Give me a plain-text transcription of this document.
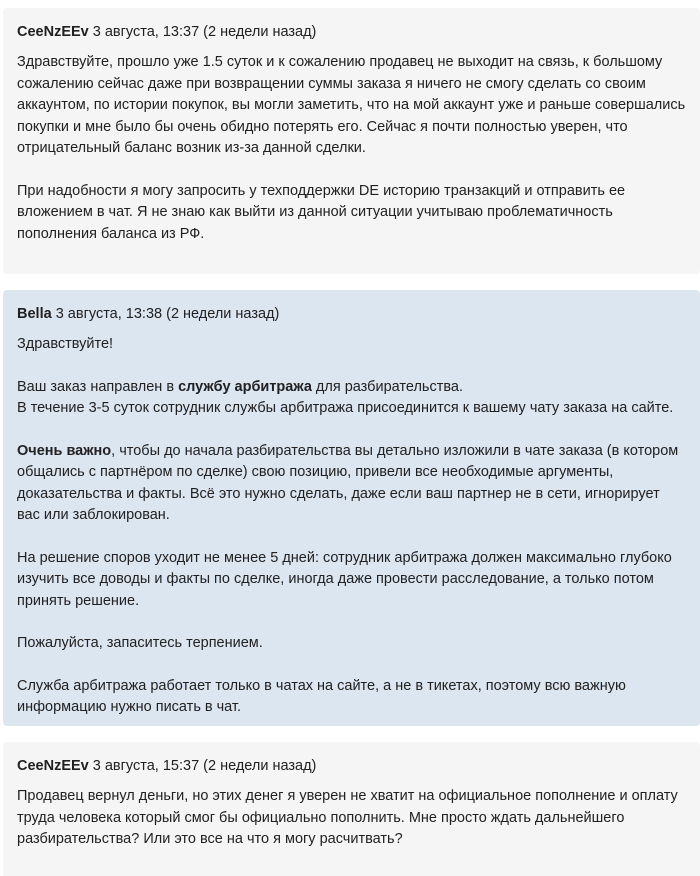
CeeNzEEv 3 августа, 13:37 (2 недели назад)

Здравствуйте, прошло уже 1.5 суток и к сожалению продавец не выходит на связь, к большому сожалению сейчас даже при возвращении суммы заказа я ничего не смогу сделать со своим аккаунтом, по истории покупок, вы могли заметить, что на мой аккаунт уже и раньше совершались покупки и мне было бы очень обидно потерять его. Сейчас я почти полностью уверен, что отрицательный баланс возник из-за данной сделки.

При надобности я могу запросить у техподдержки DE историю транзакций и отправить ее вложением в чат. Я не знаю как выйти из данной ситуации учитываю проблематичность пополнения баланса из РФ.

Bella 3 августа, 13:38 (2 недели назад)

Здравствуйте!

Ваш заказ направлен в службу арбитража для разбирательства.
В течение 3-5 суток сотрудник службы арбитража присоединится к вашему чату заказа на сайте.

Очень важно, чтобы до начала разбирательства вы детально изложили в чате заказа (в котором общались с партнёром по сделке) свою позицию, привели все необходимые аргументы, доказательства и факты. Всё это нужно сделать, даже если ваш партнер не в сети, игнорирует вас или заблокирован.

На решение споров уходит не менее 5 дней: сотрудник арбитража должен максимально глубоко изучить все доводы и факты по сделке, иногда даже провести расследование, а только потом принять решение.

Пожалуйста, запаситесь терпением.

Служба арбитража работает только в чатах на сайте, а не в тикетах, поэтому всю важную информацию нужно писать в чат.

CeeNzEEv 3 августа, 15:37 (2 недели назад)

Продавец вернул деньги, но этих денег я уверен не хватит на официальное пополнение и оплату труда человека который смог бы официально пополнить. Мне просто ждать дальнейшего разбирательства? Или это все на что я могу расчитвать?
